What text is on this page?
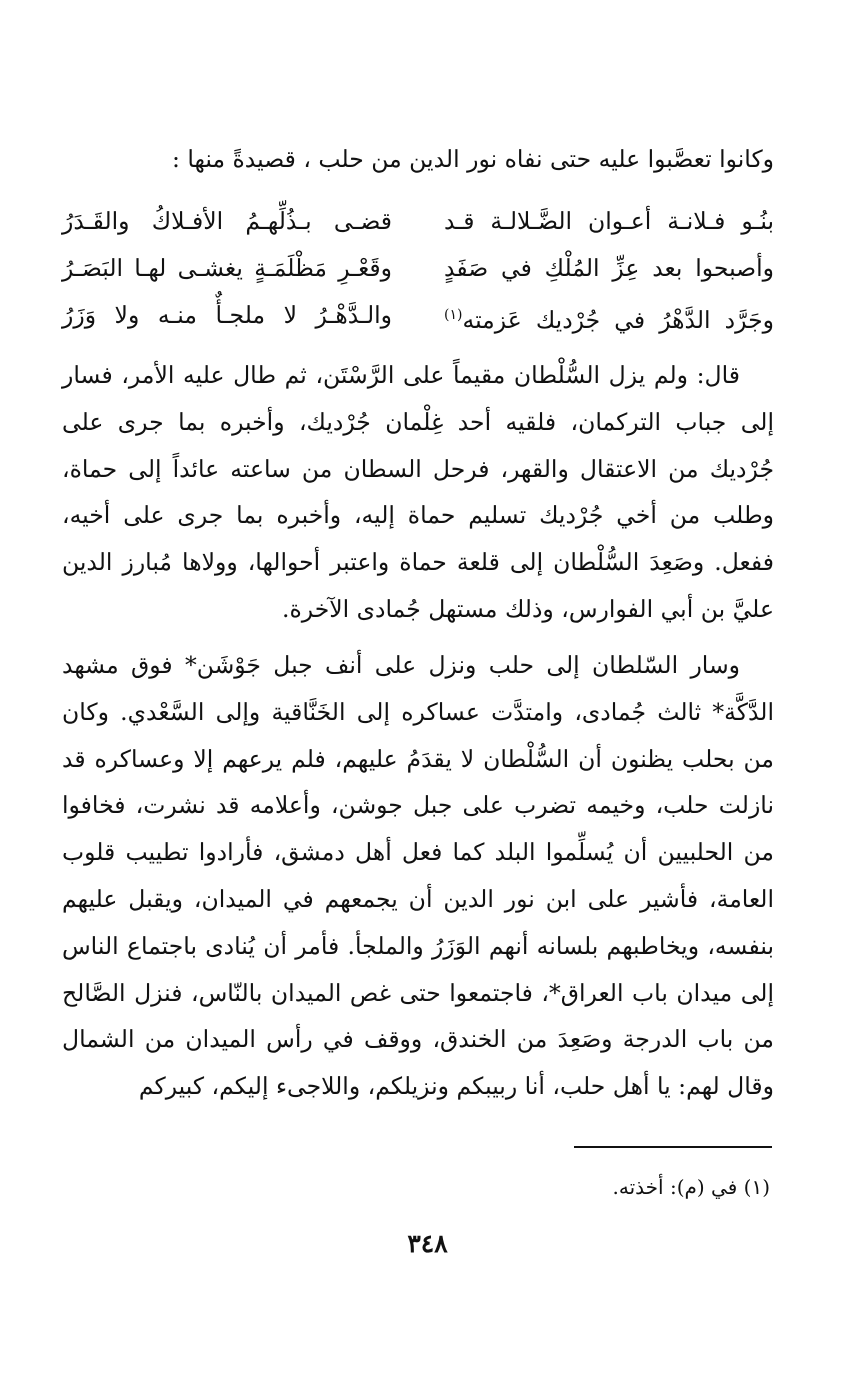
وكانوا تعصَّبوا عليه حتى نفاه نور الدين من حلب ، قصيدةً منها :
بنُـو فـلانـة أعـوان الضَّـلالـة قـد
قضـى بـذُلِّهـمُ الأفـلاكُ والقَـدَرُ
وأصبحوا بعد عِزِّ المُلْكِ في صَفَدٍ
وقَعْـرِ مَظْلَمَـةٍ يغشـى لهـا البَصَـرُ
وجَرَّد الدَّهْرُ في جُرْديك عَزمته$^{(١)}$
والـدَّهْـرُ لا ملجـأٌ منـه ولا وَزَرُ

قال: ولم يزل السُّلْطان مقيماً على الرَّسْتَن، ثم طال عليه الأمر، فسار إلى جباب التركمان، فلقيه أحد غِلْمان جُرْديك، وأخبره بما جرى على جُرْديك من الاعتقال والقهر، فرحل السطان من ساعته عائداً إلى حماة، وطلب من أخي جُرْديك تسليم حماة إليه، وأخبره بما جرى على أخيه، ففعل. وصَعِدَ السُّلْطان إلى قلعة حماة واعتبر أحوالها، وولاها مُبارز الدين عليَّ بن أبي الفوارس، وذلك مستهل جُمادى الآخرة.

وسار السّلطان إلى حلب ونزل على أنف جبل جَوْشَن* فوق مشهد الدَّكَّة* ثالث جُمادى، وامتدَّت عساكره إلى الخَنَّاقية وإلى السَّعْدي. وكان من بحلب يظنون أن السُّلْطان لا يقدَمُ عليهم، فلم يرعهم إلا وعساكره قد نازلت حلب، وخيمه تضرب على جبل جوشن، وأعلامه قد نشرت، فخافوا من الحلبيين أن يُسلِّموا البلد كما فعل أهل دمشق، فأرادوا تطييب قلوب العامة، فأشير على ابن نور الدين أن يجمعهم في الميدان، ويقبل عليهم بنفسه، ويخاطبهم بلسانه أنهم الوَزَرُ والملجأ. فأمر أن يُنادى باجتماع الناس إلى ميدان باب العراق*، فاجتمعوا حتى غص الميدان بالنّاس، فنزل الصَّالح من باب الدرجة وصَعِدَ من الخندق، ووقف في رأس الميدان من الشمال وقال لهم: يا أهل حلب، أنا ربيبكم ونزيلكم، واللاجىء إليكم، كبيركم

(١) في (م): أخذته.
٣٤٨
